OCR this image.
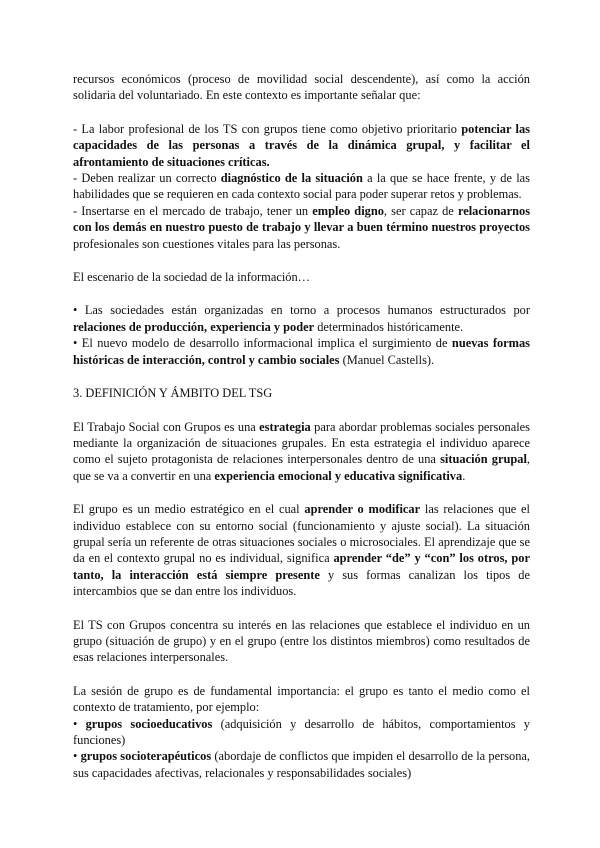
recursos económicos (proceso de movilidad social descendente), así como la acción solidaria del voluntariado. En este contexto es importante señalar que:

- La labor profesional de los TS con grupos tiene como objetivo prioritario potenciar las capacidades de las personas a través de la dinámica grupal, y facilitar el afrontamiento de situaciones críticas.

- Deben realizar un correcto diagnóstico de la situación a la que se hace frente, y de las habilidades que se requieren en cada contexto social para poder superar retos y problemas.

- Insertarse en el mercado de trabajo, tener un empleo digno, ser capaz de relacionarnos con los demás en nuestro puesto de trabajo y llevar a buen término nuestros proyectos profesionales son cuestiones vitales para las personas.

El escenario de la sociedad de la información…

• Las sociedades están organizadas en torno a procesos humanos estructurados por relaciones de producción, experiencia y poder determinados históricamente.

• El nuevo modelo de desarrollo informacional implica el surgimiento de nuevas formas históricas de interacción, control y cambio sociales (Manuel Castells).

3. DEFINICIÓN Y ÁMBITO DEL TSG

El Trabajo Social con Grupos es una estrategia para abordar problemas sociales personales mediante la organización de situaciones grupales. En esta estrategia el individuo aparece como el sujeto protagonista de relaciones interpersonales dentro de una situación grupal, que se va a convertir en una experiencia emocional y educativa significativa.

El grupo es un medio estratégico en el cual aprender o modificar las relaciones que el individuo establece con su entorno social (funcionamiento y ajuste social). La situación grupal sería un referente de otras situaciones sociales o microsociales. El aprendizaje que se da en el contexto grupal no es individual, significa aprender “de” y “con” los otros, por tanto, la interacción está siempre presente y sus formas canalizan los tipos de intercambios que se dan entre los individuos.

El TS con Grupos concentra su interés en las relaciones que establece el individuo en un grupo (situación de grupo) y en el grupo (entre los distintos miembros) como resultados de esas relaciones interpersonales.

La sesión de grupo es de fundamental importancia: el grupo es tanto el medio como el contexto de tratamiento, por ejemplo:

• grupos socioeducativos (adquisición y desarrollo de hábitos, comportamientos y funciones)

• grupos socioterapéuticos (abordaje de conflictos que impiden el desarrollo de la persona, sus capacidades afectivas, relacionales y responsabilidades sociales)
